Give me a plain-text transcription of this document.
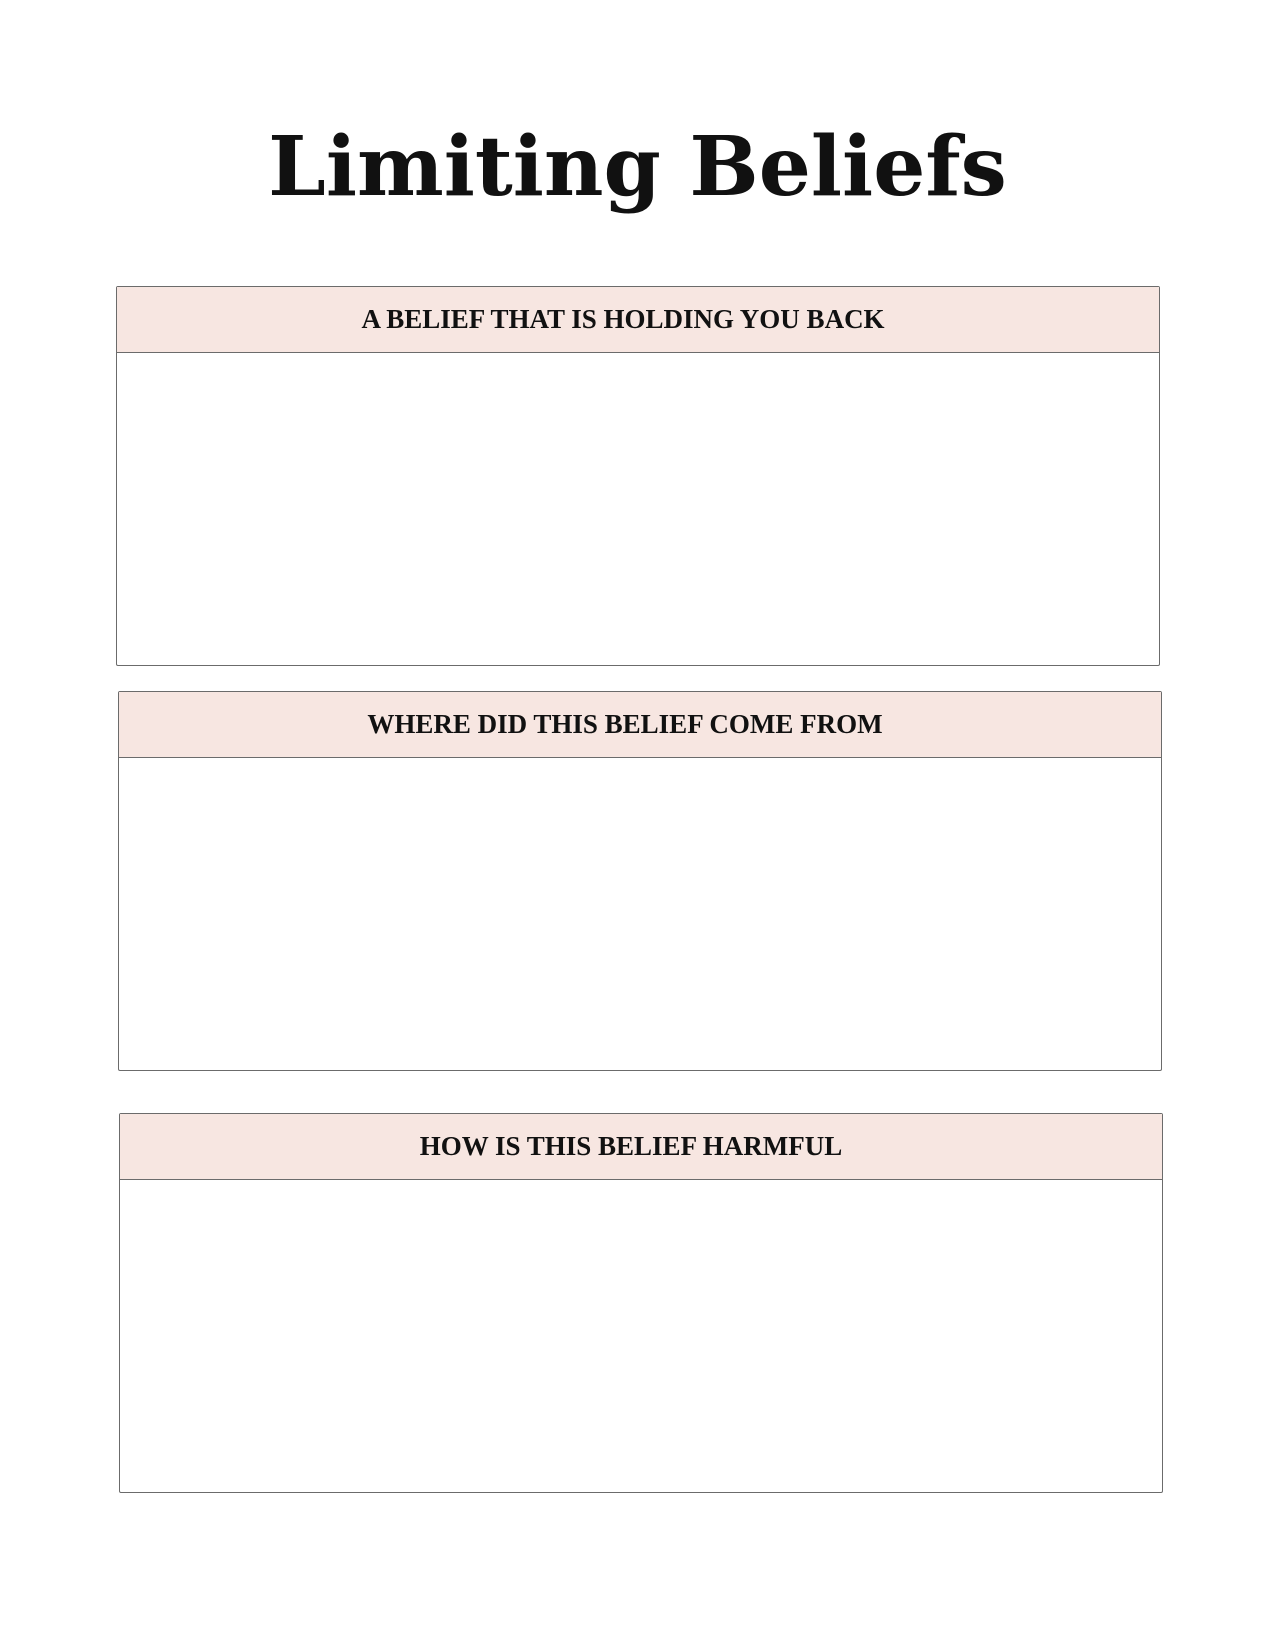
Limiting Beliefs
A BELIEF THAT IS HOLDING YOU BACK
WHERE DID THIS BELIEF COME FROM
HOW IS THIS BELIEF HARMFUL
